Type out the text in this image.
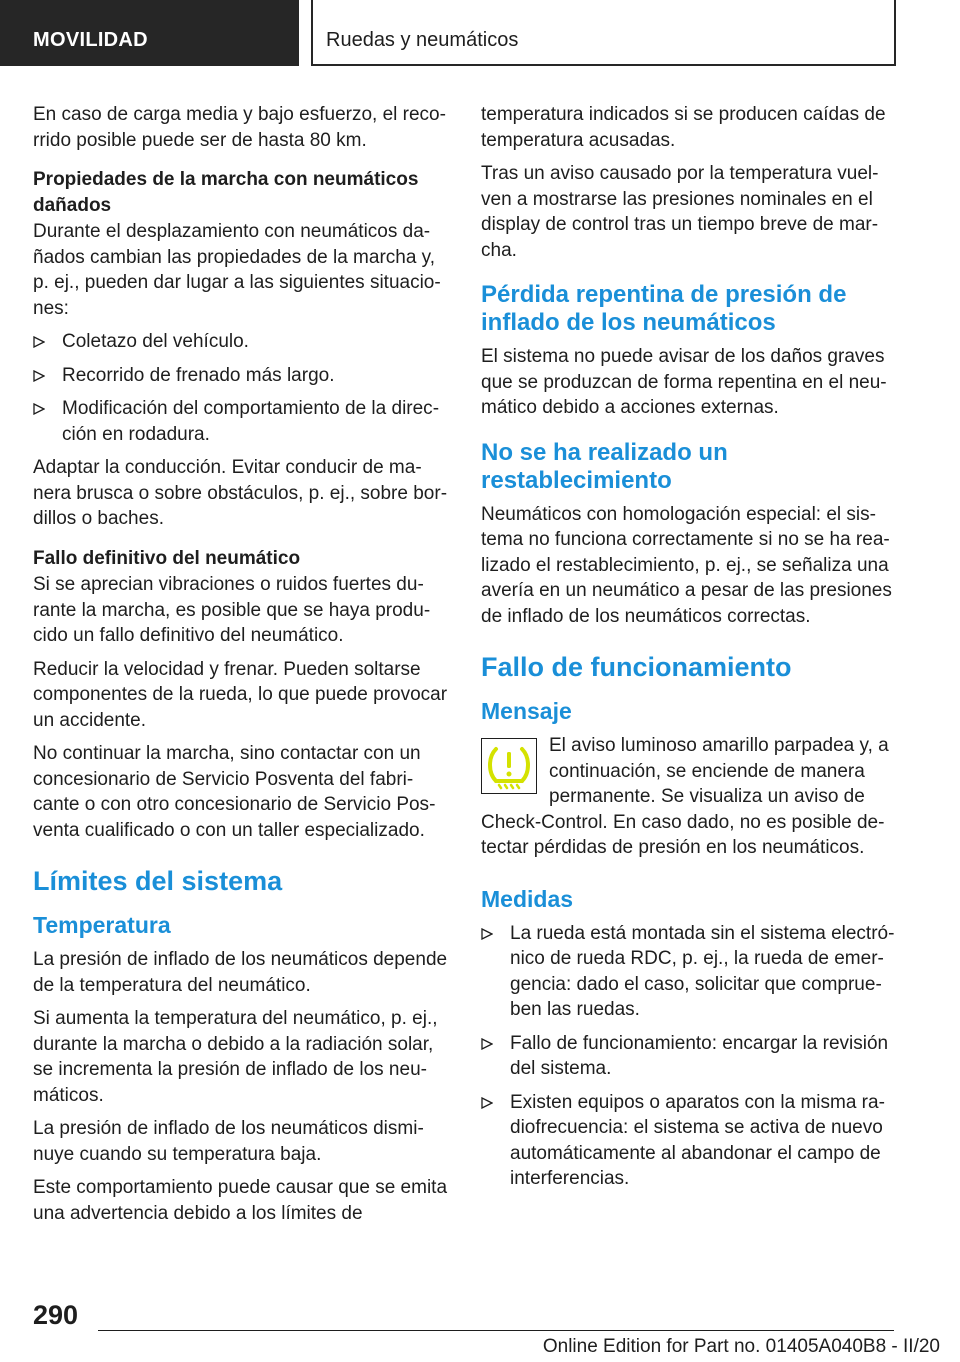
MOVILIDAD	Ruedas y neumáticos

En caso de carga media y bajo esfuerzo, el recorrido posible puede ser de hasta 80 km.

Propiedades de la marcha con neumáticos dañados

Durante el desplazamiento con neumáticos dañados cambian las propiedades de la marcha y, p. ej., pueden dar lugar a las siguientes situaciones:

Coletazo del vehículo.
Recorrido de frenado más largo.
Modificación del comportamiento de la dirección en rodadura.

Adaptar la conducción. Evitar conducir de manera brusca o sobre obstáculos, p. ej., sobre bordillos o baches.

Fallo definitivo del neumático

Si se aprecian vibraciones o ruidos fuertes durante la marcha, es posible que se haya producido un fallo definitivo del neumático.

Reducir la velocidad y frenar. Pueden soltarse componentes de la rueda, lo que puede provocar un accidente.

No continuar la marcha, sino contactar con un concesionario de Servicio Posventa del fabricante o con otro concesionario de Servicio Posventa cualificado o con un taller especializado.

Límites del sistema
Temperatura

La presión de inflado de los neumáticos depende de la temperatura del neumático.

Si aumenta la temperatura del neumático, p. ej., durante la marcha o debido a la radiación solar, se incrementa la presión de inflado de los neumáticos.

La presión de inflado de los neumáticos disminuye cuando su temperatura baja.

Este comportamiento puede causar que se emita una advertencia debido a los límites de

temperatura indicados si se producen caídas de temperatura acusadas.

Tras un aviso causado por la temperatura vuelven a mostrarse las presiones nominales en el display de control tras un tiempo breve de marcha.

Pérdida repentina de presión de inflado de los neumáticos

El sistema no puede avisar de los daños graves que se produzcan de forma repentina en el neumático debido a acciones externas.

No se ha realizado un restablecimiento

Neumáticos con homologación especial: el sistema no funciona correctamente si no se ha realizado el restablecimiento, p. ej., se señaliza una avería en un neumático a pesar de las presiones de inflado de los neumáticos correctas.

Fallo de funcionamiento
Mensaje

El aviso luminoso amarillo parpadea y, a continuación, se enciende de manera permanente. Se visualiza un aviso de Check-Control. En caso dado, no es posible detectar pérdidas de presión en los neumáticos.

Medidas
La rueda está montada sin el sistema electrónico de rueda RDC, p. ej., la rueda de emergencia: dado el caso, solicitar que comprueben las ruedas.
Fallo de funcionamiento: encargar la revisión del sistema.
Existen equipos o aparatos con la misma radiofrecuencia: el sistema se activa de nuevo automáticamente al abandonar el campo de interferencias.
290
Online Edition for Part no. 01405A040B8 - II/20
